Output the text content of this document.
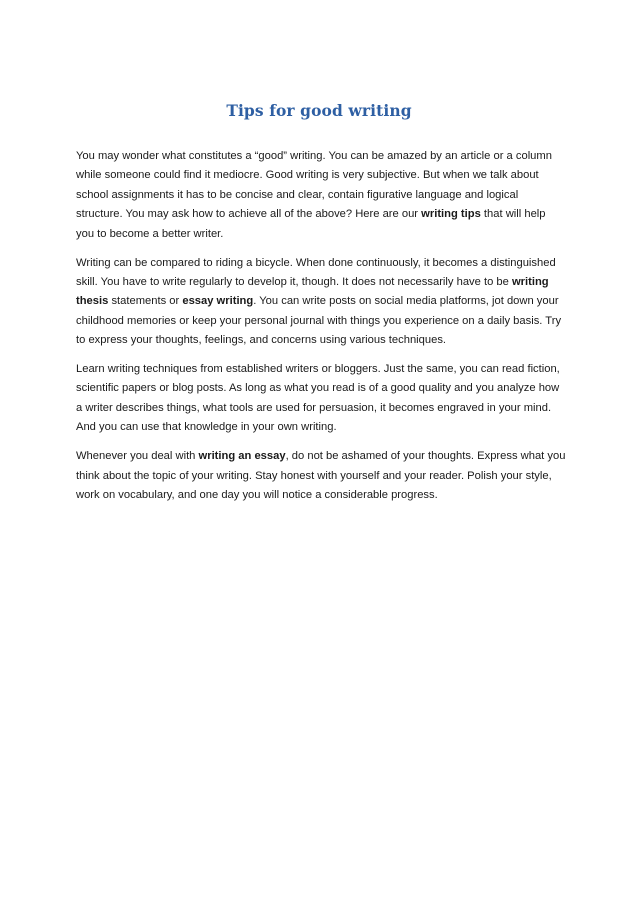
Tips for good writing

You may wonder what constitutes a “good” writing. You can be amazed by an article or a column while someone could find it mediocre. Good writing is very subjective. But when we talk about school assignments it has to be concise and clear, contain figurative language and logical structure. You may ask how to achieve all of the above? Here are our writing tips that will help you to become a better writer.

Writing can be compared to riding a bicycle. When done continuously, it becomes a distinguished skill. You have to write regularly to develop it, though. It does not necessarily have to be writing thesis statements or essay writing. You can write posts on social media platforms, jot down your childhood memories or keep your personal journal with things you experience on a daily basis. Try to express your thoughts, feelings, and concerns using various techniques.

Learn writing techniques from established writers or bloggers. Just the same, you can read fiction, scientific papers or blog posts. As long as what you read is of a good quality and you analyze how a writer describes things, what tools are used for persuasion, it becomes engraved in your mind. And you can use that knowledge in your own writing.

Whenever you deal with writing an essay, do not be ashamed of your thoughts. Express what you think about the topic of your writing. Stay honest with yourself and your reader. Polish your style, work on vocabulary, and one day you will notice a considerable progress.
